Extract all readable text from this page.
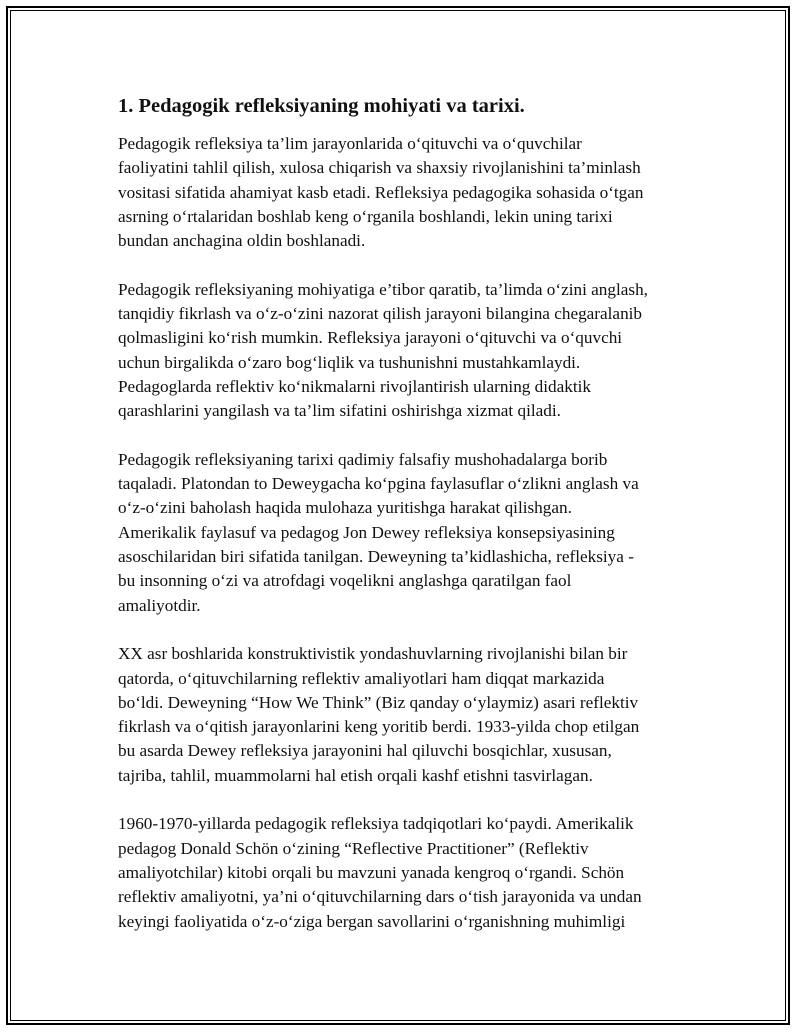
1. Pedagogik refleksiyaning mohiyati va tarixi.

Pedagogik refleksiya ta’lim jarayonlarida o‘qituvchi va o‘quvchilar
faoliyatini tahlil qilish, xulosa chiqarish va shaxsiy rivojlanishini ta’minlash
vositasi sifatida ahamiyat kasb etadi. Refleksiya pedagogika sohasida o‘tgan
asrning o‘rtalaridan boshlab keng o‘rganila boshlandi, lekin uning tarixi
bundan anchagina oldin boshlanadi.

Pedagogik refleksiyaning mohiyatiga e’tibor qaratib, ta’limda o‘zini anglash,
tanqidiy fikrlash va o‘z-o‘zini nazorat qilish jarayoni bilangina chegaralanib
qolmasligini ko‘rish mumkin. Refleksiya jarayoni o‘qituvchi va o‘quvchi
uchun birgalikda o‘zaro bog‘liqlik va tushunishni mustahkamlaydi.
Pedagoglarda reflektiv ko‘nikmalarni rivojlantirish ularning didaktik
qarashlarini yangilash va ta’lim sifatini oshirishga xizmat qiladi.

Pedagogik refleksiyaning tarixi qadimiy falsafiy mushohadalarga borib
taqaladi. Platondan to Deweygacha ko‘pgina faylasuflar o‘zlikni anglash va
o‘z-o‘zini baholash haqida mulohaza yuritishga harakat qilishgan.
Amerikalik faylasuf va pedagog Jon Dewey refleksiya konsepsiyasining
asoschilaridan biri sifatida tanilgan. Deweyning ta’kidlashicha, refleksiya -
bu insonning o‘zi va atrofdagi voqelikni anglashga qaratilgan faol
amaliyotdir.

XX asr boshlarida konstruktivistik yondashuvlarning rivojlanishi bilan bir
qatorda, o‘qituvchilarning reflektiv amaliyotlari ham diqqat markazida
bo‘ldi. Deweyning “How We Think” (Biz qanday o‘ylaymiz) asari reflektiv
fikrlash va o‘qitish jarayonlarini keng yoritib berdi. 1933-yilda chop etilgan
bu asarda Dewey refleksiya jarayonini hal qiluvchi bosqichlar, xususan,
tajriba, tahlil, muammolarni hal etish orqali kashf etishni tasvirlagan.

1960-1970-yillarda pedagogik refleksiya tadqiqotlari ko‘paydi. Amerikalik
pedagog Donald Schön o‘zining “Reflective Practitioner” (Reflektiv
amaliyotchilar) kitobi orqali bu mavzuni yanada kengroq o‘rgandi. Schön
reflektiv amaliyotni, ya’ni o‘qituvchilarning dars o‘tish jarayonida va undan
keyingi faoliyatida o‘z-o‘ziga bergan savollarini o‘rganishning muhimligi
